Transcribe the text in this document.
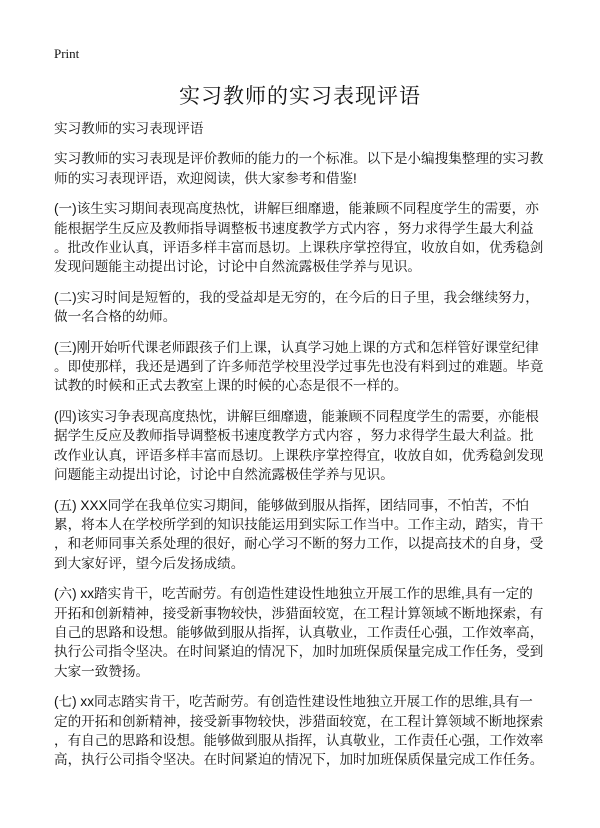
Print
实习教师的实习表现评语
实习教师的实习表现评语
实习教师的实习表现是评价教师的能力的一个标准。以下是小编搜集整理的实习教
师的实习表现评语，欢迎阅读，供大家参考和借鉴!
(一)该生实习期间表现高度热忱，讲解巨细靡遗，能兼顾不同程度学生的需要，亦
能根据学生反应及教师指导调整板书速度教学方式内容 ，努力求得学生最大利益
。批改作业认真，评语多样丰富而恳切。上课秩序掌控得宜，收放自如，优秀稳剑
发现问题能主动提出讨论，讨论中自然流露极佳学养与见识。
(二)实习时间是短暂的，我的受益却是无穷的，在今后的日子里，我会继续努力，
做一名合格的幼师。
(三)刚开始听代课老师跟孩子们上课，认真学习她上课的方式和怎样管好课堂纪律
。即使那样，我还是遇到了许多师范学校里没学过事先也没有料到过的难题。毕竟
试教的时候和正式去教室上课的时候的心态是很不一样的。
(四)该实习争表现高度热忱，讲解巨细靡遗，能兼顾不同程度学生的需要，亦能根
据学生反应及教师指导调整板书速度教学方式内容 ，努力求得学生最大利益。批
改作业认真，评语多样丰富而恳切。上课秩序掌控得宜，收放自如，优秀稳剑发现
问题能主动提出讨论，讨论中自然流露极佳学养与见识。
(五) XXX同学在我单位实习期间，能够做到服从指挥，团结同事，不怕苦，不怕
累，将本人在学校所学到的知识技能运用到实际工作当中。工作主动，踏实，肯干
，和老师同事关系处理的很好，耐心学习不断的努力工作，以提高技术的自身，受
到大家好评，望今后发扬成绩。
(六) xx踏实肯干，吃苦耐劳。有创造性建设性地独立开展工作的思维,具有一定的
开拓和创新精神，接受新事物较快，涉猎面较宽，在工程计算领域不断地探索，有
自己的思路和设想。能够做到服从指挥，认真敬业，工作责任心强，工作效率高，
执行公司指令坚决。在时间紧迫的情况下，加时加班保质保量完成工作任务，受到
大家一致赞扬。
(七) xx同志踏实肯干，吃苦耐劳。有创造性建设性地独立开展工作的思维,具有一
定的开拓和创新精神，接受新事物较快，涉猎面较宽，在工程计算领域不断地探索
，有自己的思路和设想。能够做到服从指挥，认真敬业，工作责任心强，工作效率
高，执行公司指令坚决。在时间紧迫的情况下，加时加班保质保量完成工作任务。
